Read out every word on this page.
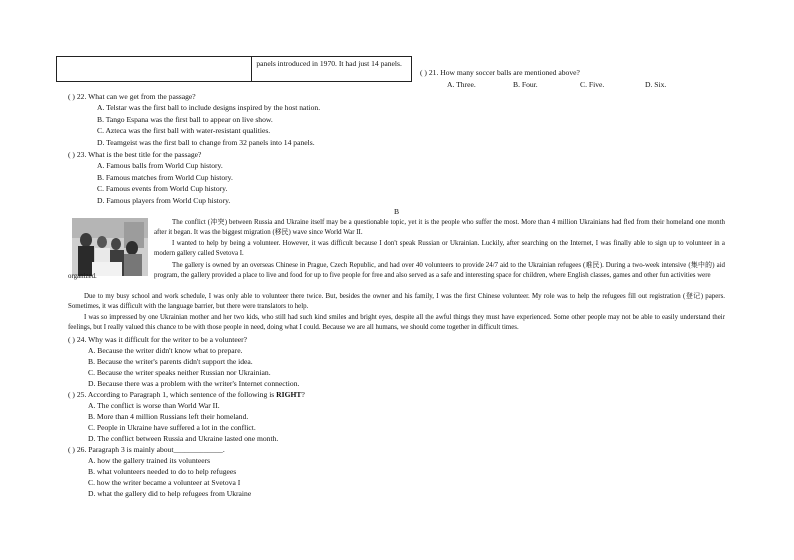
	panels introduced in 1970. It had just 14 panels.
( ) 21. How many soccer balls are mentioned above?
A. Three.	B. Four.	C. Five.	D. Six.
( ) 22. What can we get from the passage?
A. Telstar was the first ball to include designs inspired by the host nation.
B. Tango Espana was the first ball to appear on live show.
C. Azteca was the first ball with water-resistant qualities.
D. Teamgeist was the first ball to change from 32 panels into 14 panels.
( ) 23. What is the best title for the passage?
A. Famous balls from World Cup history.
B. Famous matches from World Cup history.
C. Famous events from World Cup history.
D. Famous players from World Cup history.
B
The conflict (冲突) between Russia and Ukraine itself may be a questionable topic, yet it is the people who suffer the most. More than 4 million Ukrainians had fled from their homeland one month after it began. It was the biggest migration (移民) wave since World War II.
I wanted to help by being a volunteer. However, it was difficult because I don't speak Russian or Ukrainian. Luckily, after searching on the Internet, I was finally able to sign up to volunteer in a modern gallery called Svetova I.
The gallery is owned by an overseas Chinese in Prague, Czech Republic, and had over 40 volunteers to provide 24/7 aid to the Ukrainian refugees (难民). During a two-week intensive (集中的) aid program, the gallery provided a place to live and food for up to five people for free and also served as a safe and interesting space for children, where English classes, games and other fun activities were
organized.
Due to my busy school and work schedule, I was only able to volunteer there twice. But, besides the owner and his family, I was the first Chinese volunteer. My role was to help the refugees fill out registration (登记) papers. Sometimes, it was difficult with the language barrier, but there were translators to help.
I was so impressed by one Ukrainian mother and her two kids, who still had such kind smiles and bright eyes, despite all the awful things they must have experienced. Some other people may not be able to easily understand their feelings, but I really valued this chance to be with those people in need, doing what I could. Because we are all humans, we should come together in difficult times.
( ) 24. Why was it difficult for the writer to be a volunteer?
A. Because the writer didn't know what to prepare.
B. Because the writer's parents didn't support the idea.
C. Because the writer speaks neither Russian nor Ukrainian.
D. Because there was a problem with the writer's Internet connection.
( ) 25. According to Paragraph 1, which sentence of the following is RIGHT?
A. The conflict is worse than World War II.
B. More than 4 million Russians left their homeland.
C. People in Ukraine have suffered a lot in the conflict.
D. The conflict between Russia and Ukraine lasted one month.
( ) 26. Paragraph 3 is mainly about_____________.
A. how the gallery trained its volunteers
B. what volunteers needed to do to help refugees
C. how the writer became a volunteer at Svetova I
D. what the gallery did to help refugees from Ukraine
